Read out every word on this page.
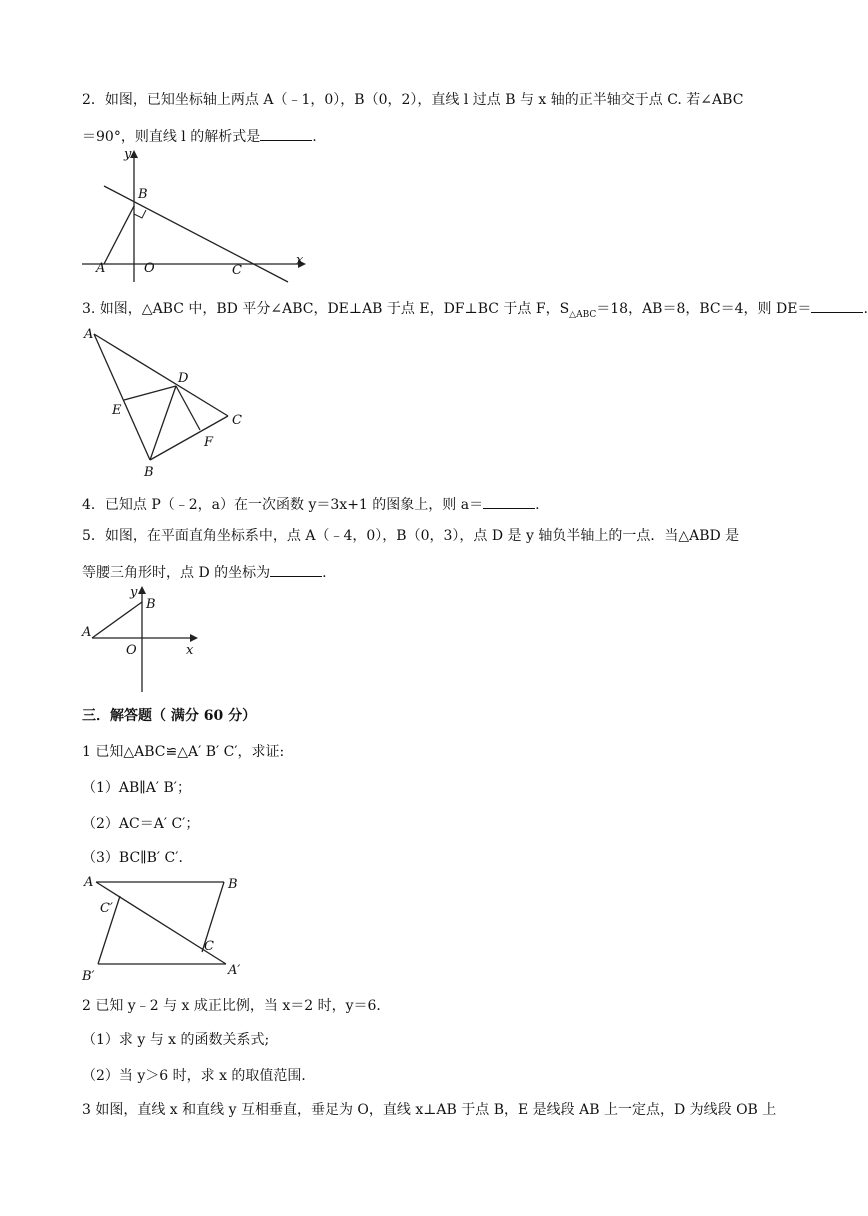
2．如图，已知坐标轴上两点 A（﹣1，0），B（0，2），直线 l 过点 B 与 x 轴的正半轴交于点 C. 若∠ABC
＝90°，则直线 l 的解析式是	.
y
x
B
A	O	C
3. 如图，△ABC 中，BD 平分∠ABC，DE⊥AB 于点 E，DF⊥BC 于点 F，$S_{\triangle ABC}=18$，AB＝8，BC＝4，则 DE＝	.
A
D
E
C
F
B
4．已知点 P（﹣2，a）在一次函数 y＝3x+1 的图象上，则 a＝	.
5．如图，在平面直角坐标系中，点 A（﹣4，0），B（0，3），点 D 是 y 轴负半轴上的一点．当△ABD 是
等腰三角形时，点 D 的坐标为	.
y
B
A
O	x
三．解答题（ 满分 60 分）
1 已知△ABC≌△A′ B′ C′，求证:
（1）AB∥A′ B′；
（2）AC＝A′ C′；
（3）BC∥B′ C′．
A	B
C′
C
B′	A′
2 已知 y﹣2 与 x 成正比例，当 x＝2 时，y＝6．
（1）求 y 与 x 的函数关系式;
（2）当 y＞6 时，求 x 的取值范围．
3 如图，直线 x 和直线 y 互相垂直，垂足为 O，直线 x⊥AB 于点 B，E 是线段 AB 上一定点，D 为线段 OB 上
